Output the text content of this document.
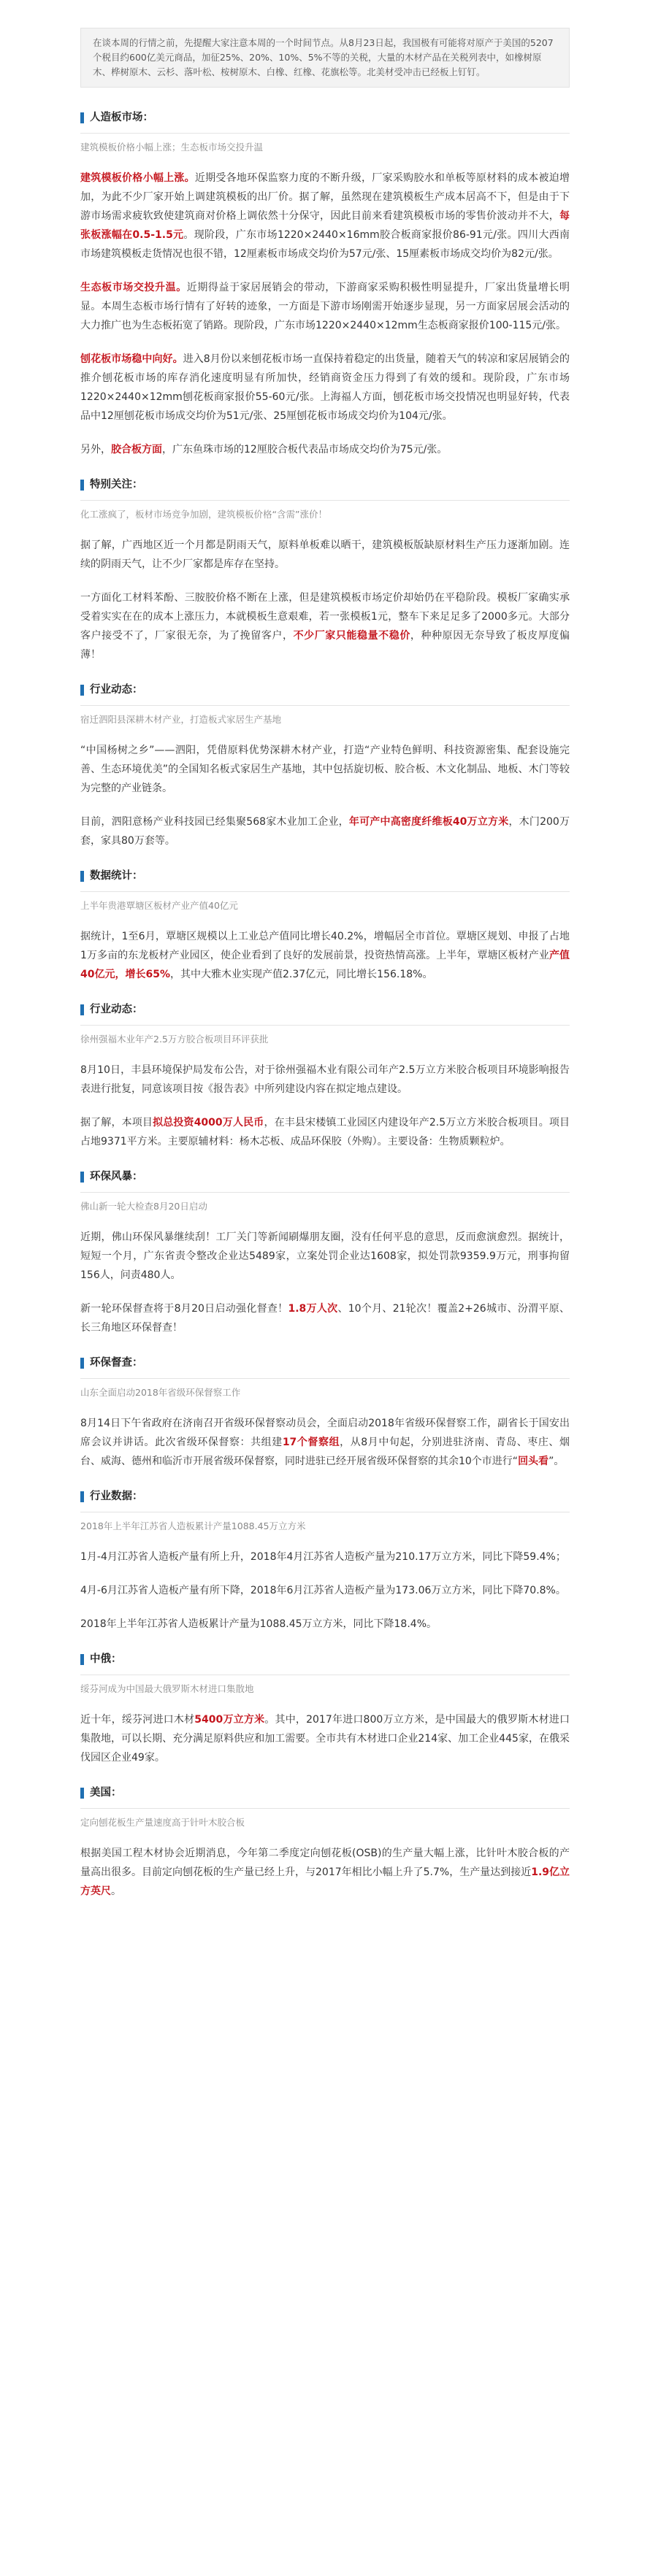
在谈本周的行情之前，先提醒大家注意本周的一个时间节点。从8月23日起，我国极有可能将对原产于美国的5207个税目约600亿美元商品，加征25%、20%、10%、5%不等的关税，大量的木材产品在关税列表中，如橡树原木、桦树原木、云杉、落叶松、桉树原木、白橡、红橡、花旗松等。北美材受冲击已经板上钉钉。
人造板市场：
建筑模板价格小幅上涨；生态板市场交投升温

建筑模板价格小幅上涨。近期受各地环保监察力度的不断升级，厂家采购胶水和单板等原材料的成本被迫增加，为此不少厂家开始上调建筑模板的出厂价。据了解，虽然现在建筑模板生产成本居高不下，但是由于下游市场需求疲软致使建筑商对价格上调依然十分保守，因此目前来看建筑模板市场的零售价波动并不大，每张板涨幅在0.5-1.5元。现阶段，广东市场1220×2440×16mm胶合板商家报价86-91元/张。四川大西南市场建筑模板走货情况也很不错，12厘素板市场成交均价为57元/张、15厘素板市场成交均价为82元/张。

生态板市场交投升温。近期得益于家居展销会的带动，下游商家采购积极性明显提升，厂家出货量增长明显。本周生态板市场行情有了好转的迹象，一方面是下游市场刚需开始逐步显现，另一方面家居展会活动的大力推广也为生态板拓宽了销路。现阶段，广东市场1220×2440×12mm生态板商家报价100-115元/张。

刨花板市场稳中向好。进入8月份以来刨花板市场一直保持着稳定的出货量，随着天气的转凉和家居展销会的推介刨花板市场的库存消化速度明显有所加快，经销商资金压力得到了有效的缓和。现阶段，广东市场1220×2440×12mm刨花板商家报价55-60元/张。上海福人方面，刨花板市场交投情况也明显好转，代表品中12厘刨花板市场成交均价为51元/张、25厘刨花板市场成交均价为104元/张。

另外，胶合板方面，广东鱼珠市场的12厘胶合板代表品市场成交均价为75元/张。

特别关注：
化工涨疯了，板材市场竞争加剧，建筑模板价格“含需”涨价！

据了解，广西地区近一个月都是阴雨天气，原料单板难以晒干，建筑模板版缺原材料生产压力逐渐加剧。连续的阴雨天气，让不少厂家都是库存在坚持。

一方面化工材料苯酚、三胺胶价格不断在上涨，但是建筑模板市场定价却始仍在平稳阶段。模板厂家确实承受着实实在在的成本上涨压力，本就模板生意艰难，若一张模板1元，整车下来足足多了2000多元。大部分客户接受不了，厂家很无奈，为了挽留客户，不少厂家只能稳量不稳价，种种原因无奈导致了板皮厚度偏薄！

行业动态：
宿迁泗阳县深耕木材产业，打造板式家居生产基地

“中国杨树之乡”——泗阳，凭借原料优势深耕木材产业，打造“产业特色鲜明、科技资源密集、配套设施完善、生态环境优美”的全国知名板式家居生产基地，其中包括旋切板、胶合板、木文化制品、地板、木门等较为完整的产业链条。

目前，泗阳意杨产业科技园已经集聚568家木业加工企业，年可产中高密度纤维板40万立方米，木门200万套，家具80万套等。

数据统计：
上半年贵港覃塘区板材产业产值40亿元

据统计，1至6月，覃塘区规模以上工业总产值同比增长40.2%，增幅居全市首位。覃塘区规划、申报了占地1万多亩的东龙板材产业园区，使企业看到了良好的发展前景，投资热情高涨。上半年，覃塘区板材产业产值40亿元，增长65%，其中大雅木业实现产值2.37亿元，同比增长156.18%。

行业动态：
徐州强福木业年产2.5万方胶合板项目环评获批

8月10日，丰县环境保护局发布公告，对于徐州强福木业有限公司年产2.5万立方米胶合板项目环境影响报告表进行批复，同意该项目按《报告表》中所列建设内容在拟定地点建设。

据了解，本项目拟总投资4000万人民币，在丰县宋楼镇工业园区内建设年产2.5万立方米胶合板项目。项目占地9371平方米。主要原辅材料：杨木芯板、成品环保胶（外购）。主要设备：生物质颗粒炉。

环保风暴：
佛山新一轮大检查8月20日启动

近期，佛山环保风暴继续刮！工厂关门等新闻刷爆朋友圈，没有任何平息的意思，反而愈演愈烈。据统计，短短一个月，广东省责令整改企业达5489家，立案处罚企业达1608家，拟处罚款9359.9万元，刑事拘留156人，问责480人。

新一轮环保督查将于8月20日启动强化督查！1.8万人次、10个月、21轮次！覆盖2+26城市、汾渭平原、长三角地区环保督查！

环保督查：
山东全面启动2018年省级环保督察工作

8月14日下午省政府在济南召开省级环保督察动员会，全面启动2018年省级环保督察工作，副省长于国安出席会议并讲话。此次省级环保督察：共组建17个督察组，从8月中旬起，分别进驻济南、青岛、枣庄、烟台、威海、德州和临沂市开展省级环保督察，同时进驻已经开展省级环保督察的其余10个市进行“回头看”。

行业数据：
2018年上半年江苏省人造板累计产量1088.45万立方米

1月-4月江苏省人造板产量有所上升，2018年4月江苏省人造板产量为210.17万立方米，同比下降59.4%；

4月-6月江苏省人造板产量有所下降，2018年6月江苏省人造板产量为173.06万立方米，同比下降70.8%。

2018年上半年江苏省人造板累计产量为1088.45万立方米，同比下降18.4%。

中俄：
绥芬河成为中国最大俄罗斯木材进口集散地

近十年，绥芬河进口木材5400万立方米。其中，2017年进口800万立方米，是中国最大的俄罗斯木材进口集散地，可以长期、充分满足原料供应和加工需要。全市共有木材进口企业214家、加工企业445家，在俄采伐园区企业49家。

美国：
定向刨花板生产量速度高于针叶木胶合板

根据美国工程木材协会近期消息，今年第二季度定向刨花板(OSB)的生产量大幅上涨，比针叶木胶合板的产量高出很多。目前定向刨花板的生产量已经上升，与2017年相比小幅上升了5.7%，生产量达到接近1.9亿立方英尺。
